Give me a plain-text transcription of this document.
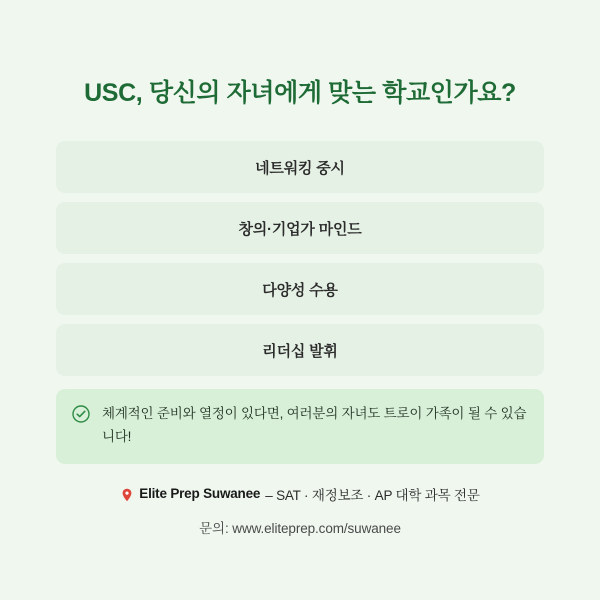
USC, 당신의 자녀에게 맞는 학교인가요?
네트워킹 중시
창의·기업가 마인드
다양성 수용
리더십 발휘
체계적인 준비와 열정이 있다면, 여러분의 자녀도 트로이 가족이 될 수 있습니다!
Elite Prep Suwanee – SAT · 재정보조 · AP 대학 과목 전문
문의: www.eliteprep.com/suwanee
